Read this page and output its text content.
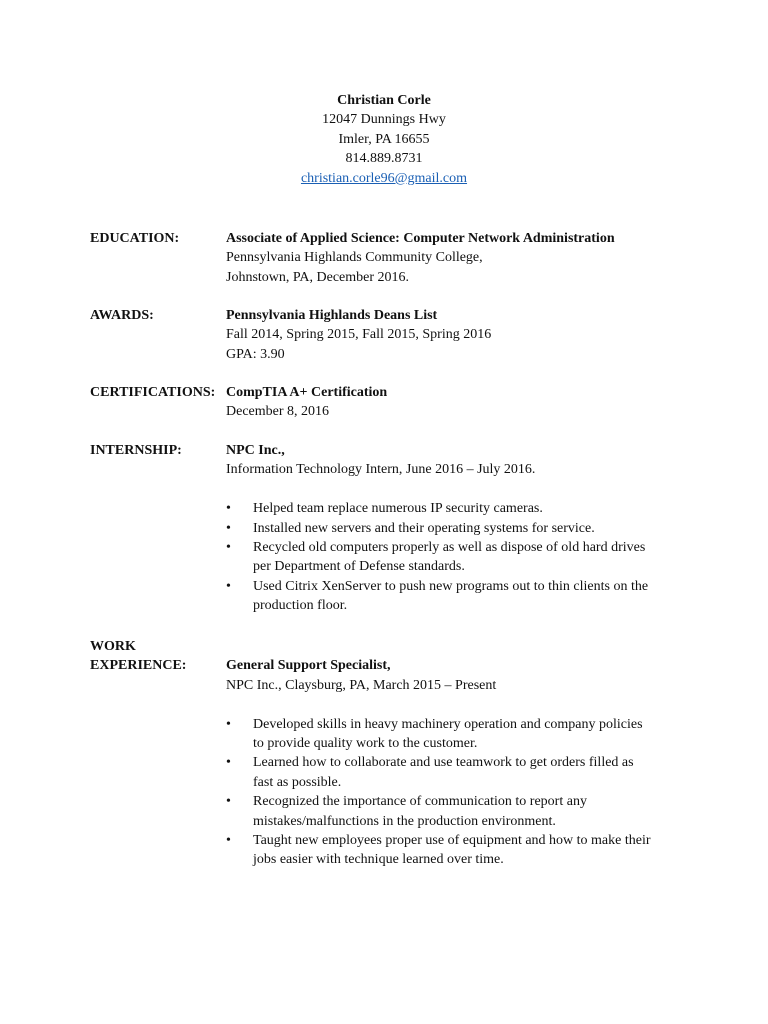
Christian Corle
12047 Dunnings Hwy
Imler, PA 16655
814.889.8731
christian.corle96@gmail.com
EDUCATION:	Associate of Applied Science: Computer Network Administration
Pennsylvania Highlands Community College,
Johnstown, PA, December 2016.
AWARDS:	Pennsylvania Highlands Deans List
Fall 2014, Spring 2015, Fall 2015, Spring 2016
GPA: 3.90
CERTIFICATIONS: CompTIA A+ Certification
December 8, 2016
INTERNSHIP:	NPC Inc.,
Information Technology Intern, June 2016 – July 2016.
• Helped team replace numerous IP security cameras.
• Installed new servers and their operating systems for service.
• Recycled old computers properly as well as dispose of old hard drives per Department of Defense standards.
• Used Citrix XenServer to push new programs out to thin clients on the production floor.
WORK
EXPERIENCE:	General Support Specialist,
NPC Inc., Claysburg, PA, March 2015 – Present
• Developed skills in heavy machinery operation and company policies to provide quality work to the customer.
• Learned how to collaborate and use teamwork to get orders filled as fast as possible.
• Recognized the importance of communication to report any mistakes/malfunctions in the production environment.
• Taught new employees proper use of equipment and how to make their jobs easier with technique learned over time.
